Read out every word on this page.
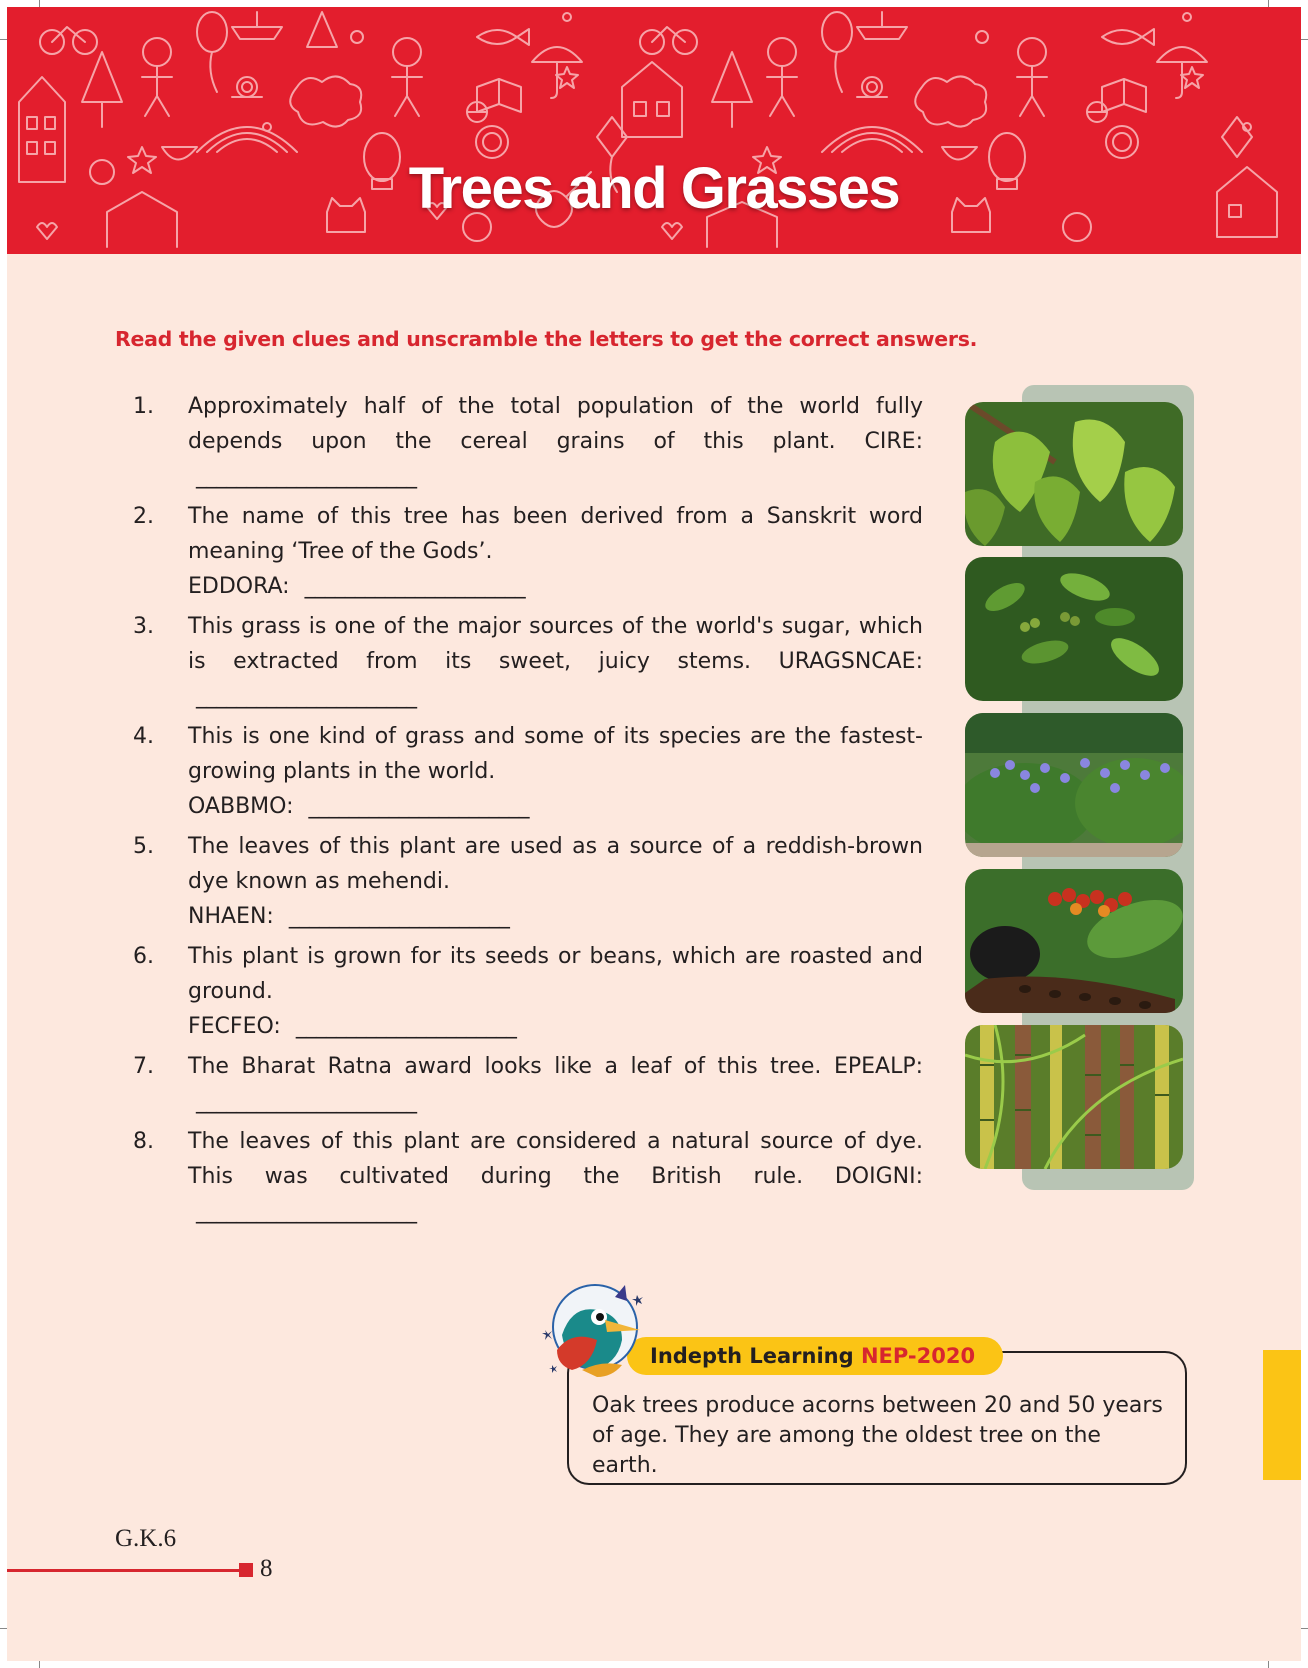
Trees and Grasses
Read the given clues and unscramble the letters to get the correct answers.
1. Approximately half of the total population of the world fully depends upon the cereal grains of this plant. CIRE: ______________________
2. The name of this tree has been derived from a Sanskrit word meaning ‘Tree of the Gods’.
EDDORA: ______________________
3. This grass is one of the major sources of the world's sugar, which is extracted from its sweet, juicy stems. URAGSNCAE: ______________________
4. This is one kind of grass and some of its species are the fastest-growing plants in the world.
OABBMO: ______________________
5. The leaves of this plant are used as a source of a reddish-brown dye known as mehendi.
NHAEN: ______________________
6. This plant is grown for its seeds or beans, which are roasted and ground.
FECFEO: ______________________
7. The Bharat Ratna award looks like a leaf of this tree. EPEALP: ______________________
8. The leaves of this plant are considered a natural source of dye. This was cultivated during the British rule. DOIGNI: ______________________
Oak trees produce acorns between 20 and 50 years of age. They are among the oldest tree on the earth.
Indepth Learning NEP-2020
G.K.6
8
